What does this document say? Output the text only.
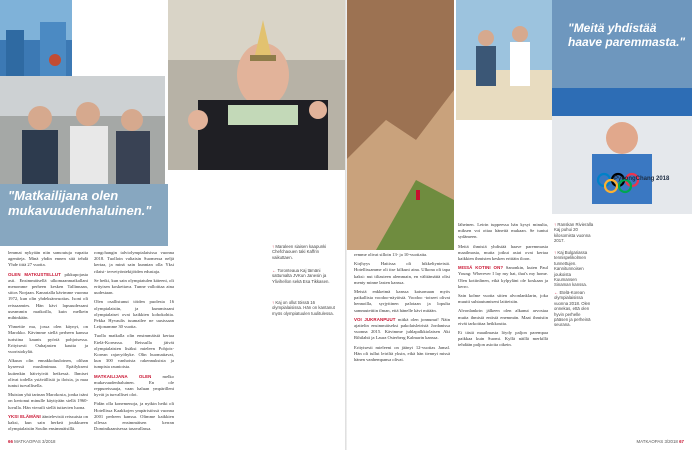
"Matkailijana olen mukavuudenhaluinen."

lemmat nykyään niin samoutuja vapaita agentteja. Minä yhdin ennen sitä tehdä Yhde tittä 27 vuotta.

OLEN MATKUSTELLUT pikkupojasta asti. Ensimmäisellä ulkomaanmatkallani menomme perheen kesken Tallinnaan, siitos Norjaan. Kanarialla kävimme vuonna 1972, kun olin yhdeksänvuotias. Isoni oli reissaamies. Hän kävi lapsuudessani useammin matkoilla, kuin melkein mihinkään.

Yhmettie ma, jossa olen käynyt, on Marokko. Kävimme siellä perheen kanssa turistina kaunis pyöriä pohjoisessa. Erityisesti Ouhajasten kautta ja vuoristokylät.

Alkuun olin ennakkoluuloinen, olihan kyseessä muslimimaa. Epäilykseni kuitenkin häivtyivät hetkessä. Ihmiset olivat todella ystävällisiä ja iloisia, ja maa tuntui turvallisella.

Muistan yhä tarinan Marokosta, jonka isäni on kertonut minulle käyttyään siellä 1960-luvulla. Hän vieraili siellä tuttavien luona.

YKSI ELÄMÄNI ääntelevistä reissuista on kaksi, kun sain herkeä joukkueen olympialaisiin Soulin ensimmäisillä.

rongchangin talviolympialaisissa vuonna 2018. Tuolloin valtaisin Suomessa neljä kertaa, ja minä sain kunnian olla Yksi rilaisi- tervetyöntekijöiden edustaja.

Se hetki, kun sain olympiatulen käteeni, oli erityisen koskettava. Tunne valloittaa aina uudestaan.

Olen osallistunut töiden puolesta 16 olympialaisiin, ja kummissani olympialaiset ovat kaikkien kohokohtia. Pekka Hyvaulis tuumailee ne uusissaan Leijonamme 30 vuotta.

Tuolla matkalla olin ensimmäistä kertaa Etelä-Koreassa. Reissulla jäivät olympialaisten lisäksi mieleen Pohjois-Korean rajavyöhyke. Olin huomattavat, kun 300 vanhoista rakennuksista ja tumpista raunioista.

MATKAILIJANA OLEN melko mukavuudenhaluinen. En ole reppureissaaja, vaan haluan ympärilleni hyvät ja turvalliset olot.

Pidän olla konemenoja, ja nytkin hetki oli Hotellissa Kaakkojen ympäristössä vuonna 2001 perheen kanssa. Olimme kaikkien ollessa ensimmäisen kerran Dominikaanisessa tasavallassa.

↑ Maraleen siaisen kaapunki Chefchaouen taki Kaffrin vaikuttaen.
← Toronteaua Kaj tämäni sattumalta JVKun Janesin ja Ylivihellon sekä Esa Tikkasen.
↑ Kaj on ollut töissä 16 olympialaisissa. Hän on kantanut myös olympiatuulen tuulitulessa.
66 MATKAOPAS 3/2018
"Meitä yhdistää haave paremmasta."
PyeongChang 2018

remme olivat silloin 13- ja 10-vuotiaita.

Kirjhyys Haitissa oli hikkeltynteistä. Hotellissamme oli itse kilkuni aina. Ulkona oli tapa kaksi: nut tiliasteen alemmain, en välttämättä olisi menty minne lasten kanssa.

Meistä enkkeimä kanssa katsomaan myös paikallista voodoo-näytöstä. Voodoo -toiseet olivat hennoilla, syrjyttinen palotaan ja lopulta sammutettiin ilman, että hänelle kävi mitään.

VOI JUKRANPUUT mitkä olen jonnunut! Näin ajattelin ensimmäiseksi pakolaisleiristä Jordanissa vuonna 2015. Kävimme juhlapalkkiolaisen Aki Rihtlahti ja Laura Osterberg Kalmarin kanssa.

Erityisesti mieleeni on jäänyt 12-vuotias Jamal. Hän oli tullut leiriltä yksin, eikä hän tiennyt missä hänen vanhempansa olivat.

läheinen. Leirin tuppeessa hän kysyi minulta, miksen voi ottaa hänettä mukaan. Se tuntui sydämeen.

Meitä ihmisiä yhdistää haave paremmasta maailmasta, mutta jotkut asiat ovat kertaa kaikkien ihmisten kesken erittäin iloon.

MISSÄ KOTINI ON? Sanonkin, kuten Paul Young: Wherever I lay my hat, that's my home. Olen kotiinlinen, eikä kylpyläni ole koskaan ja kerro.

Sain kolme vuotta sitten alvonlanklarin, joka muutti suhtautumiseni laitteisiin.

Alvonlankrin jälkeen olen alkanut arvostaa muita ihmisiä entistä enemmän. Maat ihmisiin eivät tarkoittaa heikkoutta.

Ei tästä maailmasta löydy paljon parempaa paikkaa kuin Suomi. Kyllä näillä merkillä tehdään paljon asioita oikein.

↑ Ranskan Rivieralla Kaj puhui 20 kilosomista vuonna 2017.
↑ Kaj Bulgariassa tennispelikolmen tunnettujen. Kannitunnoisen joukoista Kuumansen Sinaman kanssa.
← Etelä-Korean olympialaisissa vuonna 2018. Olen onnekas, että olen hyvin perhelle pääsen ja perheinä seurana.
MATKAOPAS 3/2018 67
